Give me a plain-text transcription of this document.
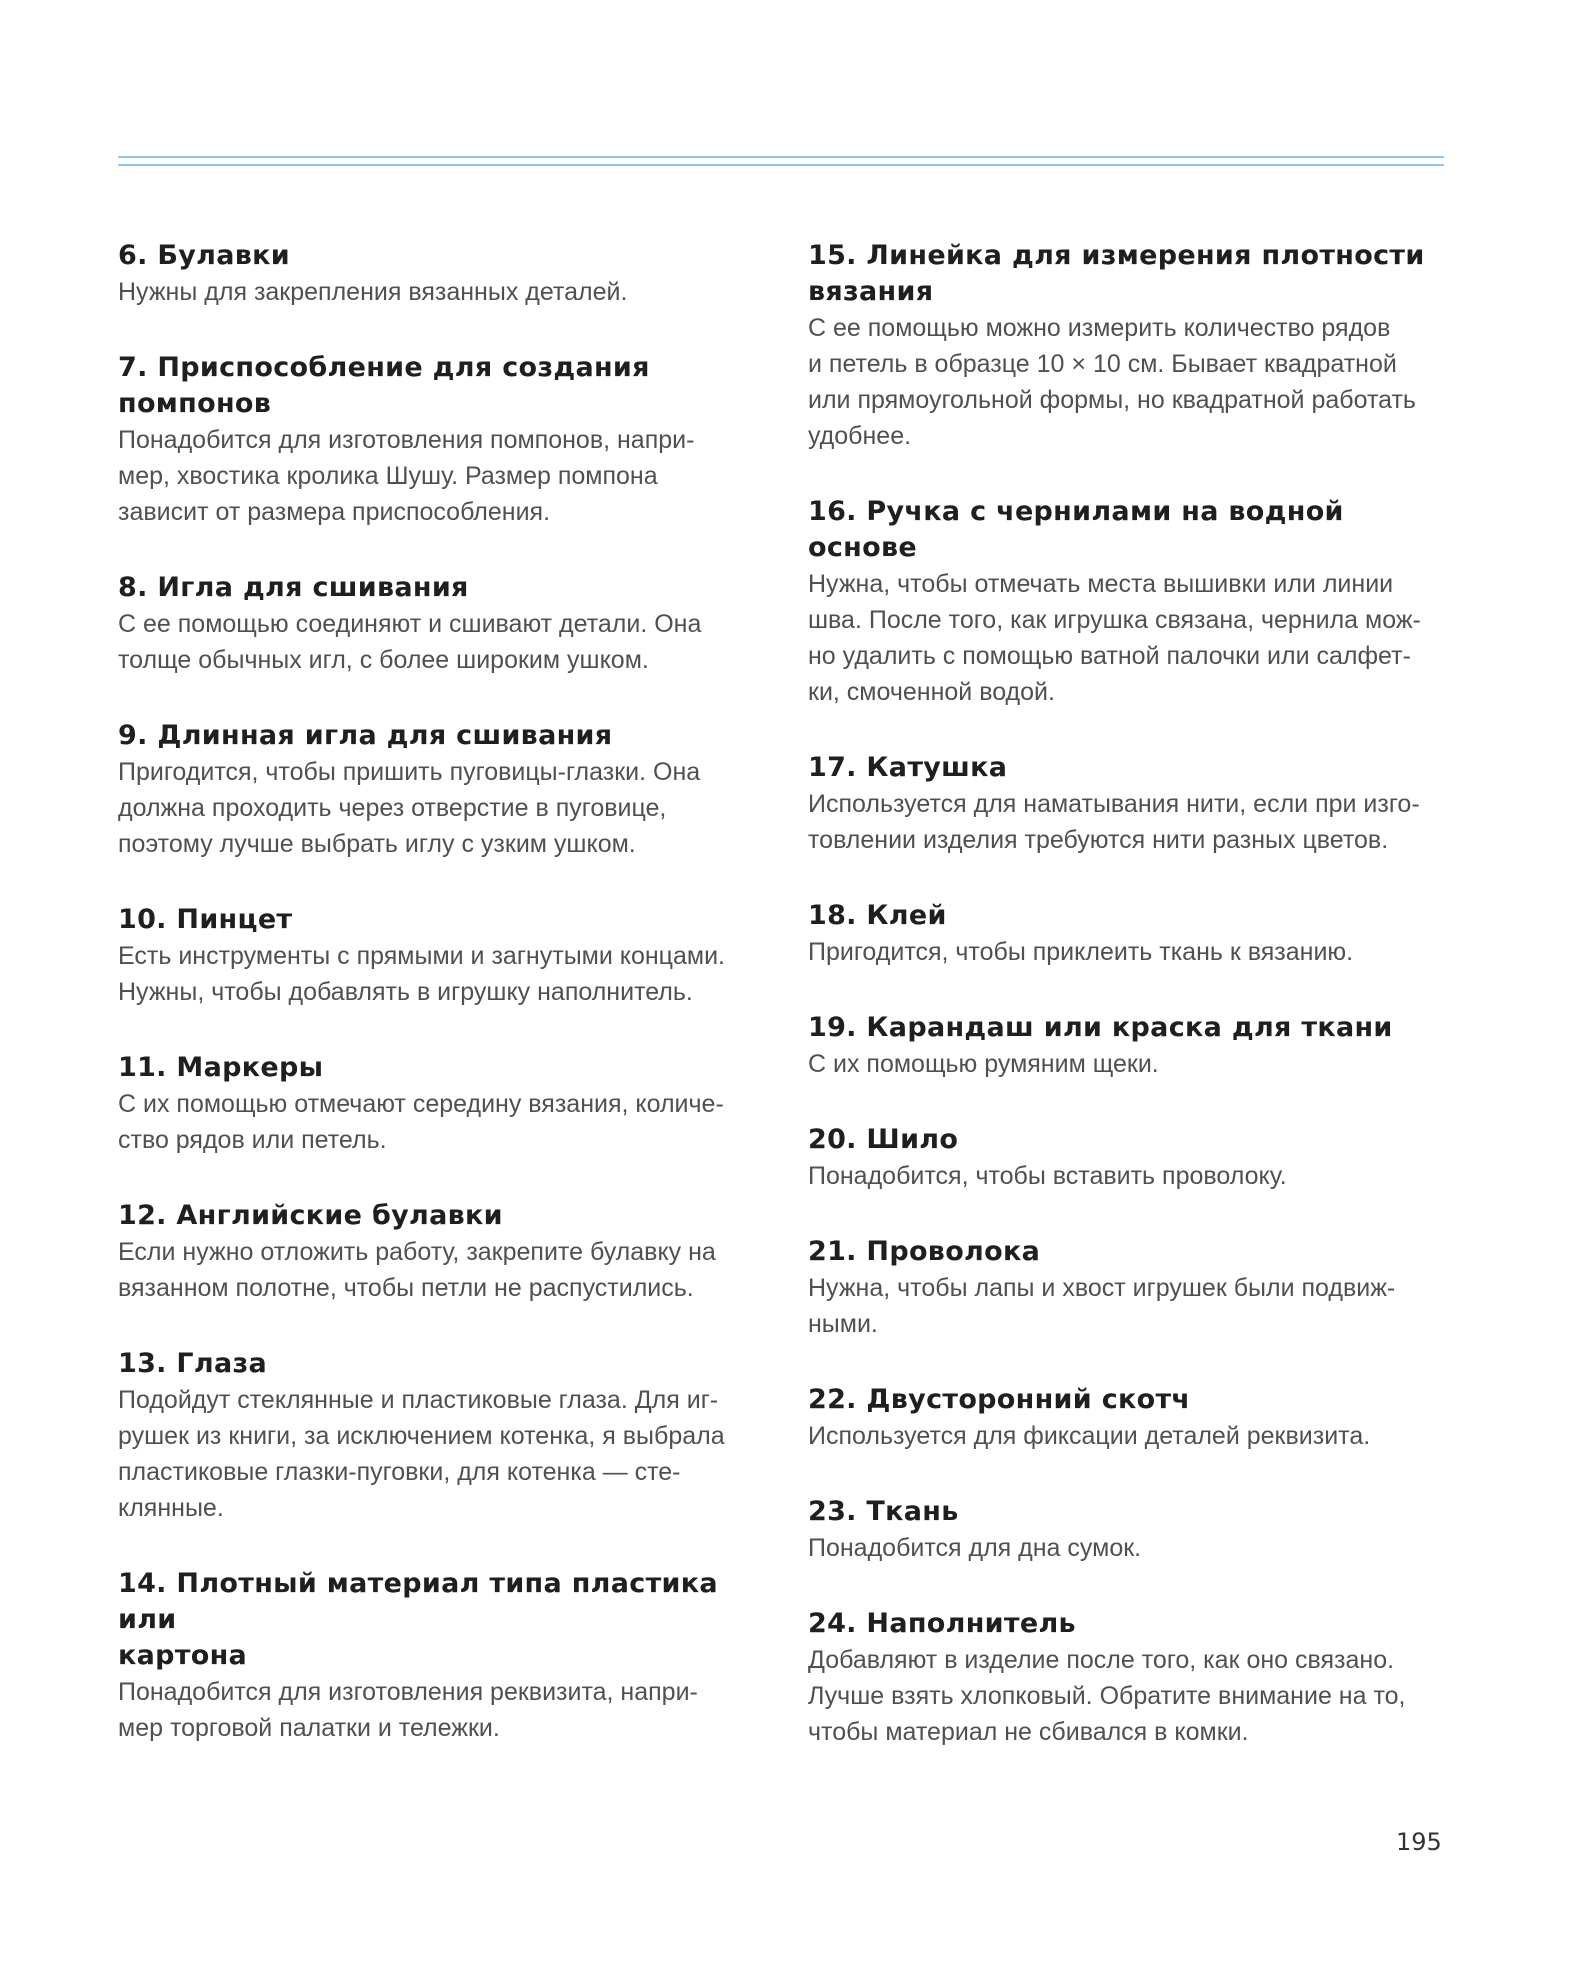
6. Булавки
Нужны для закрепления вязанных деталей.
7. Приспособление для создания
помпонов
Понадобится для изготовления помпонов, напри-
мер, хвостика кролика Шушу. Размер помпона
зависит от размера приспособления.
8. Игла для сшивания
С ее помощью соединяют и сшивают детали. Она
толще обычных игл, с более широким ушком.
9. Длинная игла для сшивания
Пригодится, чтобы пришить пуговицы-глазки. Она
должна проходить через отверстие в пуговице,
поэтому лучше выбрать иглу с узким ушком.
10. Пинцет
Есть инструменты с прямыми и загнутыми концами.
Нужны, чтобы добавлять в игрушку наполнитель.
11. Маркеры
С их помощью отмечают середину вязания, количе-
ство рядов или петель.
12. Английские булавки
Если нужно отложить работу, закрепите булавку на
вязанном полотне, чтобы петли не распустились.
13. Глаза
Подойдут стеклянные и пластиковые глаза. Для иг-
рушек из книги, за исключением котенка, я выбрала
пластиковые глазки-пуговки, для котенка — сте-
клянные.
14. Плотный материал типа пластика или
картона
Понадобится для изготовления реквизита, напри-
мер торговой палатки и тележки.
15. Линейка для измерения плотности
вязания
С ее помощью можно измерить количество рядов
и петель в образце 10 × 10 см. Бывает квадратной
или прямоугольной формы, но квадратной работать
удобнее.
16. Ручка с чернилами на водной основе
Нужна, чтобы отмечать места вышивки или линии
шва. После того, как игрушка связана, чернила мож-
но удалить с помощью ватной палочки или салфет-
ки, смоченной водой.
17. Катушка
Используется для наматывания нити, если при изго-
товлении изделия требуются нити разных цветов.
18. Клей
Пригодится, чтобы приклеить ткань к вязанию.
19. Карандаш или краска для ткани
С их помощью румяним щеки.
20. Шило
Понадобится, чтобы вставить проволоку.
21. Проволока
Нужна, чтобы лапы и хвост игрушек были подвиж-
ными.
22. Двусторонний скотч
Используется для фиксации деталей реквизита.
23. Ткань
Понадобится для дна сумок.
24. Наполнитель
Добавляют в изделие после того, как оно связано.
Лучше взять хлопковый. Обратите внимание на то,
чтобы материал не сбивался в комки.
195
